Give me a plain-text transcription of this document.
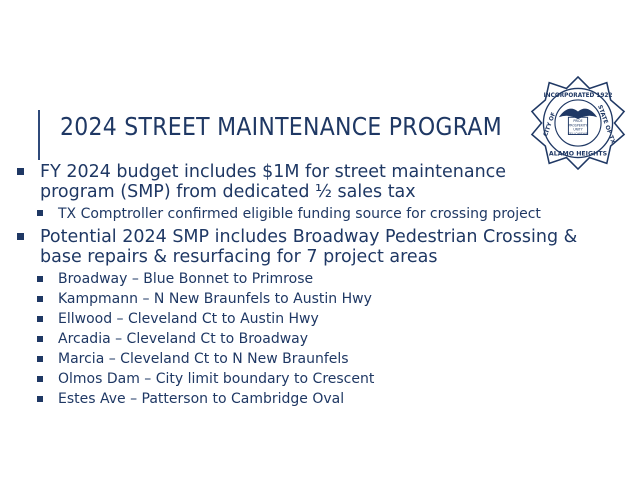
2024 STREET MAINTENANCE PROGRAM
INCORPORATED 1922
CITY OF	STATE OF TX
ALAMO HEIGHTS
PRIDE
PROSPERITY
UNITY
FELLOWSHIP
FY 2024 budget includes $1M for street maintenance
program (SMP) from dedicated ½ sales tax
TX Comptroller confirmed eligible funding source for crossing project
Potential 2024 SMP includes Broadway Pedestrian Crossing &
base repairs & resurfacing for 7 project areas
Broadway – Blue Bonnet to Primrose
Kampmann – N New Braunfels to Austin Hwy
Ellwood – Cleveland Ct to Austin Hwy
Arcadia – Cleveland Ct to Broadway
Marcia – Cleveland Ct to N New Braunfels
Olmos Dam – City limit boundary to Crescent
Estes Ave – Patterson to Cambridge Oval
